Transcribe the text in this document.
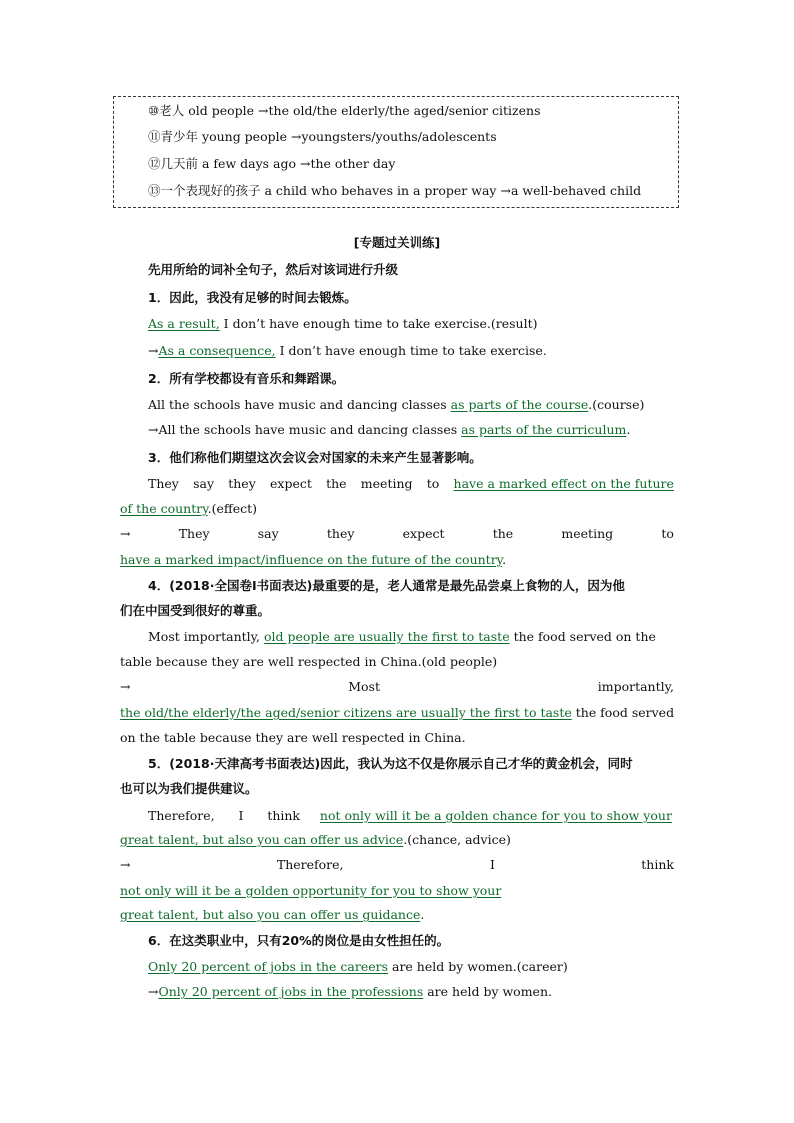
⑩老人 old people →the old/the elderly/the aged/senior citizens
⑪青少年 young people →youngsters/youths/adolescents
⑫几天前 a few days ago →the other day
⑬一个表现好的孩子 a child who behaves in a proper way →a well-behaved child
[专题过关训练]
先用所给的词补全句子，然后对该词进行升级
1．因此，我没有足够的时间去锻炼。
As a result, I don’t have enough time to take exercise.(result)
→As a consequence, I don’t have enough time to take exercise.
2．所有学校都设有音乐和舞蹈课。
All the schools have music and dancing classes as parts of the course.(course)
→All the schools have music and dancing classes as parts of the curriculum.
3．他们称他们期望这次会议会对国家的未来产生显著影响。
They say they expect the meeting to have a marked effect on the future
of the country.(effect)
→	They	say	they	expect	the	meeting	to
have a marked impact/influence on the future of the country.
4．(2018·全国卷Ⅰ书面表达)最重要的是，老人通常是最先品尝桌上食物的人，因为他
们在中国受到很好的尊重。
Most importantly, old people are usually the first to taste the food served on the
table because they are well respected in China.(old people)
→	Most	importantly,
the old/the elderly/the aged/senior citizens are usually the first to taste the food served
on the table because they are well respected in China.
5．(2018·天津高考书面表达)因此，我认为这不仅是你展示自己才华的黄金机会，同时
也可以为我们提供建议。
Therefore, I think not only will it be a golden chance for you to show your
great talent, but also you can offer us advice.(chance, advice)
→	Therefore,	I	think
not only will it be a golden opportunity for you to show your
great talent, but also you can offer us guidance.
6．在这类职业中，只有20%的岗位是由女性担任的。
Only 20 percent of jobs in the careers are held by women.(career)
→Only 20 percent of jobs in the professions are held by women.
